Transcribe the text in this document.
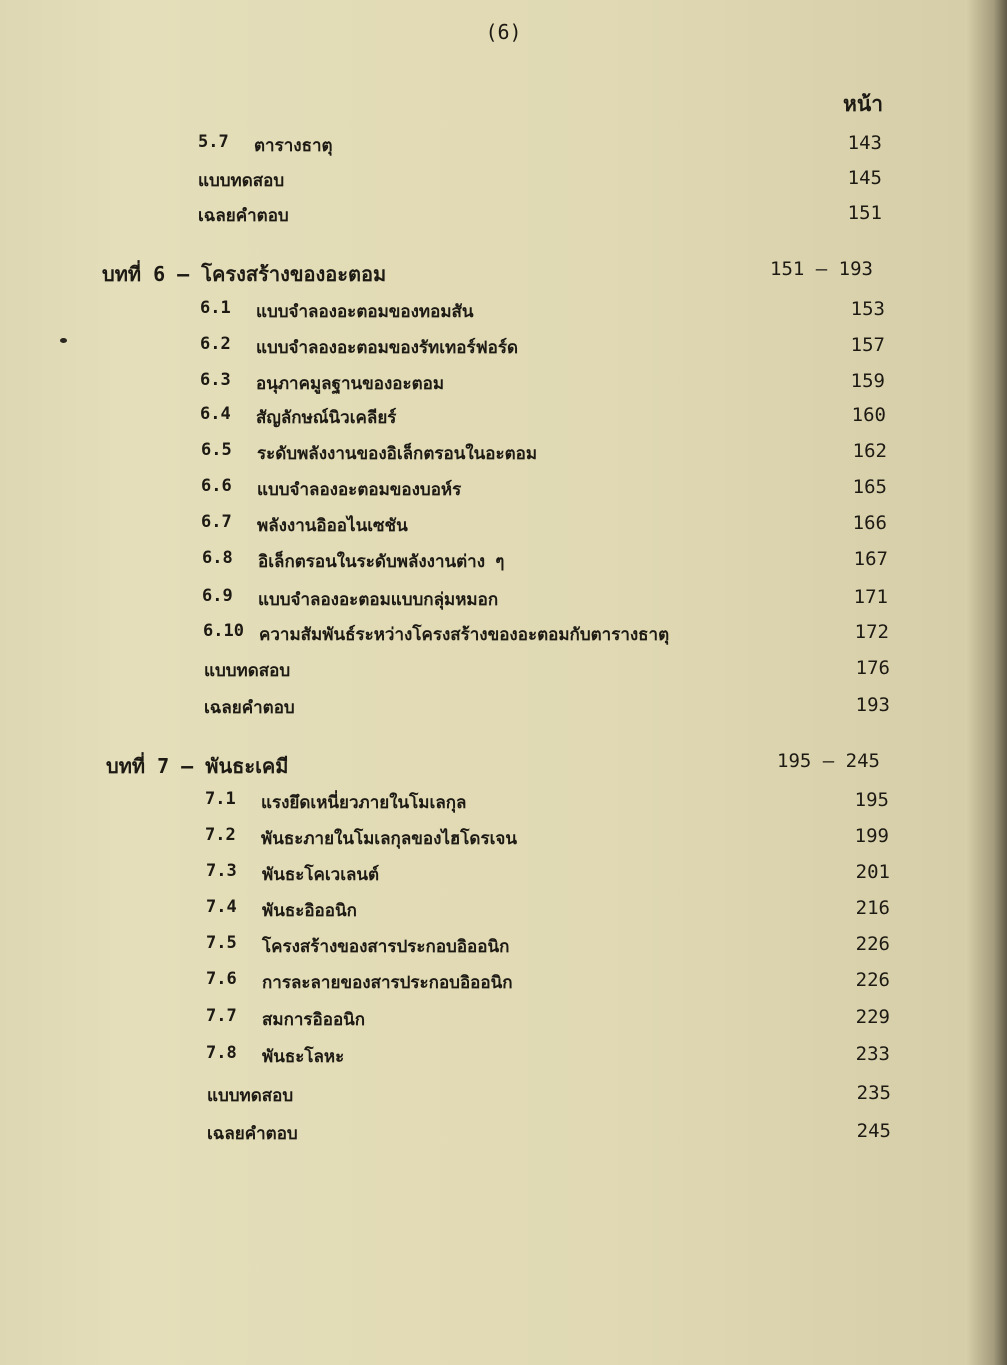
(6)
หน้า
5.7 ตารางธาตุ	143
แบบทดสอบ	145
เฉลยคำตอบ	151
บทที่ 6 – โครงสร้างของอะตอม	151 – 193
6.1 แบบจำลองอะตอมของทอมสัน	153
6.2 แบบจำลองอะตอมของรัทเทอร์ฟอร์ด	157
6.3 อนุภาคมูลฐานของอะตอม	159
6.4 สัญลักษณ์นิวเคลียร์	160
6.5 ระดับพลังงานของอิเล็กตรอนในอะตอม	162
6.6 แบบจำลองอะตอมของบอห์ร	165
6.7 พลังงานอิออไนเซชัน	166
6.8 อิเล็กตรอนในระดับพลังงานต่าง ๆ	167
6.9 แบบจำลองอะตอมแบบกลุ่มหมอก	171
6.10 ความสัมพันธ์ระหว่างโครงสร้างของอะตอมกับตารางธาตุ	172
แบบทดสอบ	176
เฉลยคำตอบ	193
บทที่ 7 – พันธะเคมี	195 – 245
7.1 แรงยึดเหนี่ยวภายในโมเลกุล	195
7.2 พันธะภายในโมเลกุลของไฮโดรเจน	199
7.3 พันธะโคเวเลนต์	201
7.4 พันธะอิออนิก	216
7.5 โครงสร้างของสารประกอบอิออนิก	226
7.6 การละลายของสารประกอบอิออนิก	226
7.7 สมการอิออนิก	229
7.8 พันธะโลหะ	233
แบบทดสอบ	235
เฉลยคำตอบ	245
